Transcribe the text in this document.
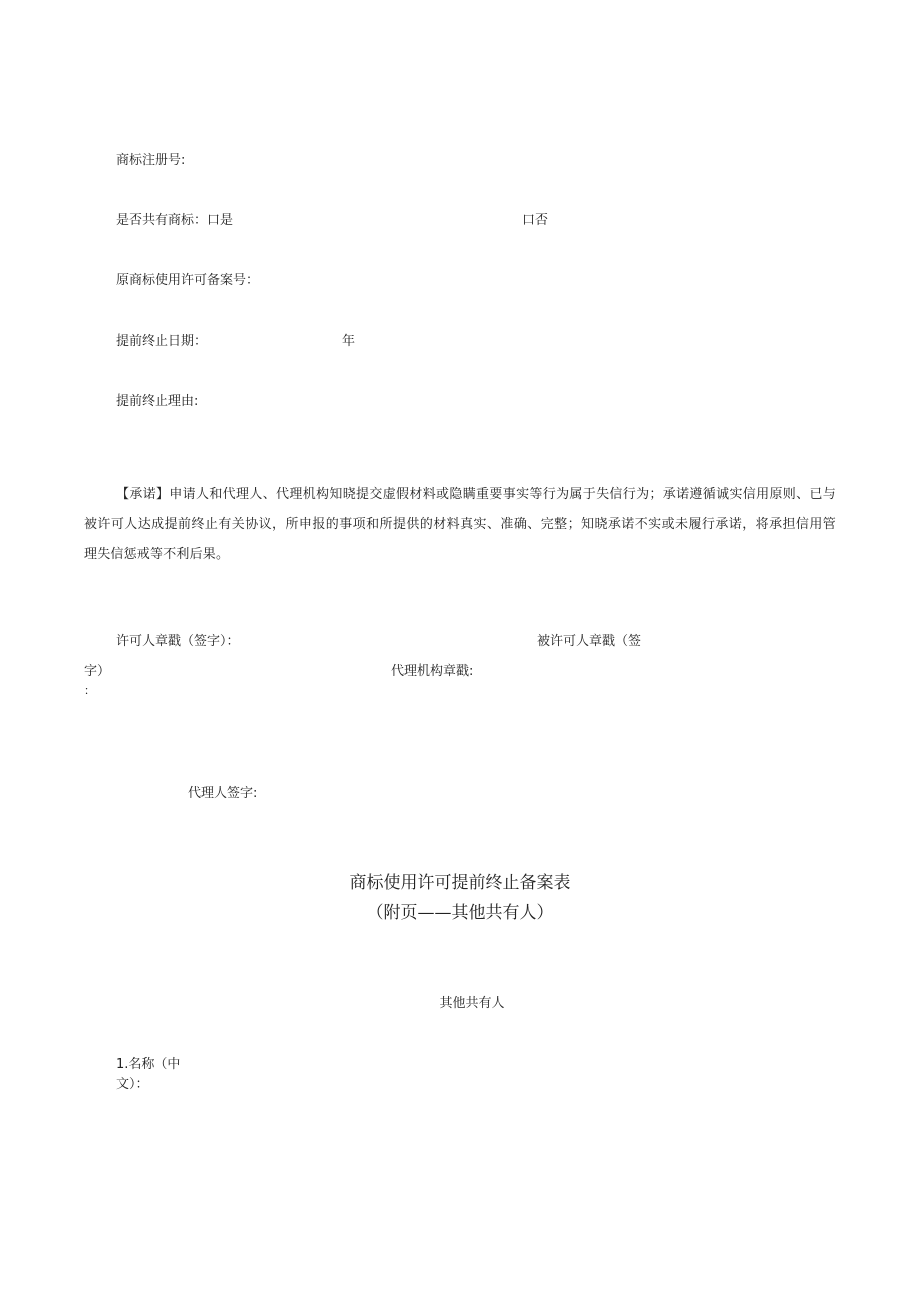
商标注册号:
是否共有商标：口是	口否
原商标使用许可备案号：
提前终止日期：	年
提前终止理由:
【承诺】申请人和代理人、代理机构知晓提交虚假材料或隐瞒重要事实等行为属于失信行为；承诺遵循诚实信用原则、已与被许可人达成提前终止有关协议，所申报的事项和所提供的材料真实、准确、完整；知晓承诺不实或未履行承诺，将承担信用管理失信惩戒等不利后果。
许可人章戳（签字）：	被许可人章戳（签
字）
：
代理机构章戳:
代理人签字:
商标使用许可提前终止备案表
（附页——其他共有人）
其他共有人
1.名称（中文）：
